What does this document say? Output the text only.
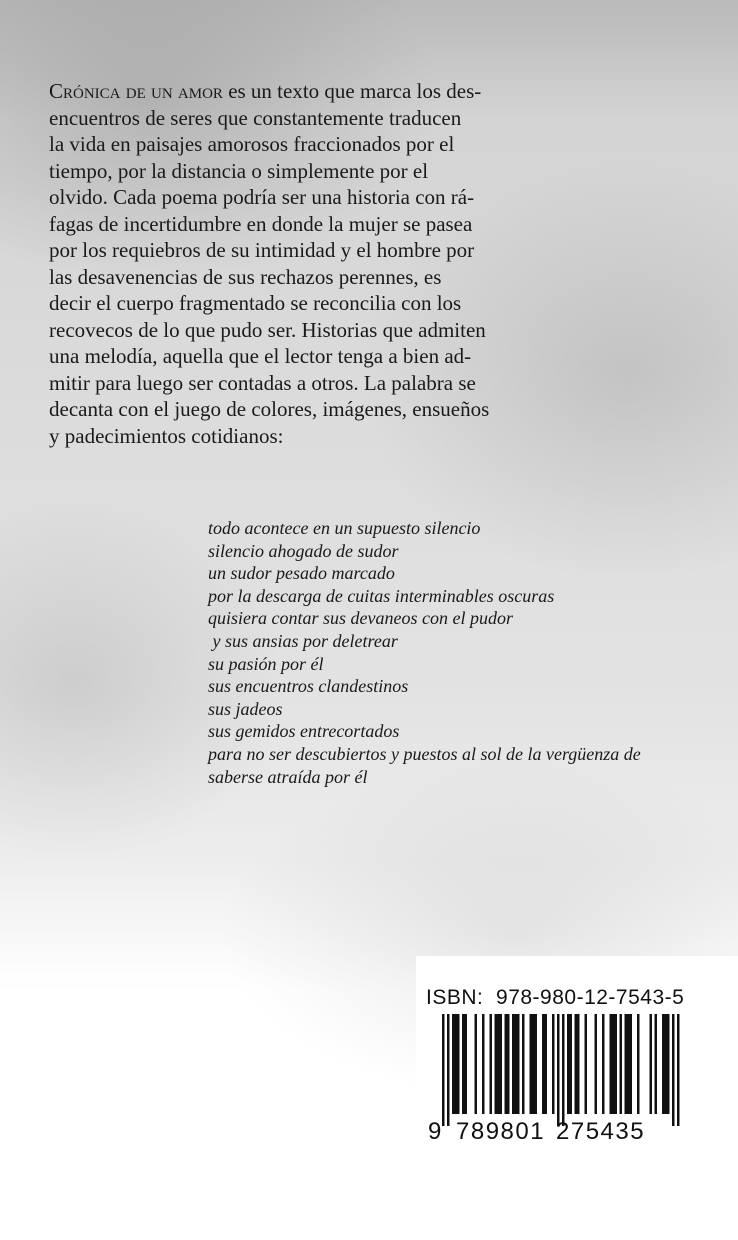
Crónica de un amor es un texto que marca los des-
encuentros de seres que constantemente traducen
la vida en paisajes amorosos fraccionados por el
tiempo, por la distancia o simplemente por el
olvido. Cada poema podría ser una historia con rá-
fagas de incertidumbre en donde la mujer se pasea
por los requiebros de su intimidad y el hombre por
las desavenencias de sus rechazos perennes, es
decir el cuerpo fragmentado se reconcilia con los
recovecos de lo que pudo ser. Historias que admiten
una melodía, aquella que el lector tenga a bien ad-
mitir para luego ser contadas a otros. La palabra se
decanta con el juego de colores, imágenes, ensueños
y padecimientos cotidianos:
todo acontece en un supuesto silencio
silencio ahogado de sudor
un sudor pesado marcado
por la descarga de cuitas interminables oscuras
quisiera contar sus devaneos con el pudor
y sus ansias por deletrear
su pasión por él
sus encuentros clandestinos
sus jadeos
sus gemidos entrecortados
para no ser descubiertos y puestos al sol de la vergüenza de
saberse atraída por él
ISBN:  978-980-12-7543-5
9 789801 275435
